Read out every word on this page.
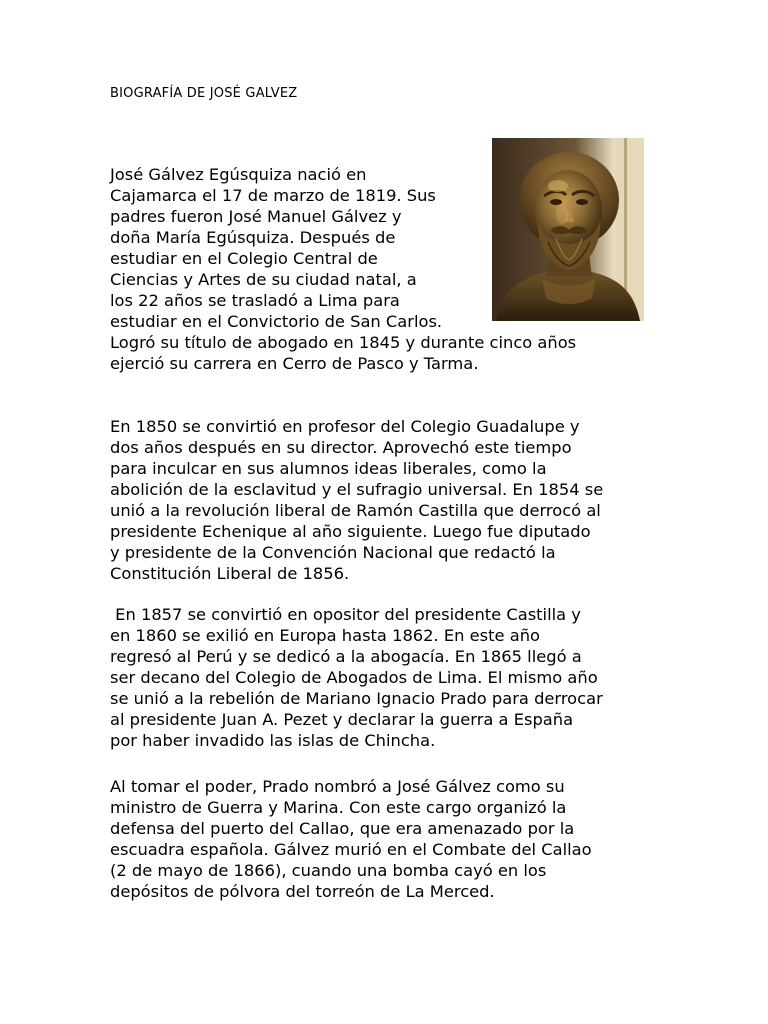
BIOGRAFÍA DE JOSÉ GALVEZ

José Gálvez Egúsquiza nació en
Cajamarca el 17 de marzo de 1819. Sus
padres fueron José Manuel Gálvez y
doña María Egúsquiza. Después de
estudiar en el Colegio Central de
Ciencias y Artes de su ciudad natal, a
los 22 años se trasladó a Lima para
estudiar en el Convictorio de San Carlos.
Logró su título de abogado en 1845 y durante cinco años
ejerció su carrera en Cerro de Pasco y Tarma.

En 1850 se convirtió en profesor del Colegio Guadalupe y
dos años después en su director. Aprovechó este tiempo
para inculcar en sus alumnos ideas liberales, como la
abolición de la esclavitud y el sufragio universal. En 1854 se
unió a la revolución liberal de Ramón Castilla que derrocó al
presidente Echenique al año siguiente. Luego fue diputado
y presidente de la Convención Nacional que redactó la
Constitución Liberal de 1856.

En 1857 se convirtió en opositor del presidente Castilla y
en 1860 se exilió en Europa hasta 1862. En este año
regresó al Perú y se dedicó a la abogacía. En 1865 llegó a
ser decano del Colegio de Abogados de Lima. El mismo año
se unió a la rebelión de Mariano Ignacio Prado para derrocar
al presidente Juan A. Pezet y declarar la guerra a España
por haber invadido las islas de Chincha.

Al tomar el poder, Prado nombró a José Gálvez como su
ministro de Guerra y Marina. Con este cargo organizó la
defensa del puerto del Callao, que era amenazado por la
escuadra española. Gálvez murió en el Combate del Callao
(2 de mayo de 1866), cuando una bomba cayó en los
depósitos de pólvora del torreón de La Merced.
